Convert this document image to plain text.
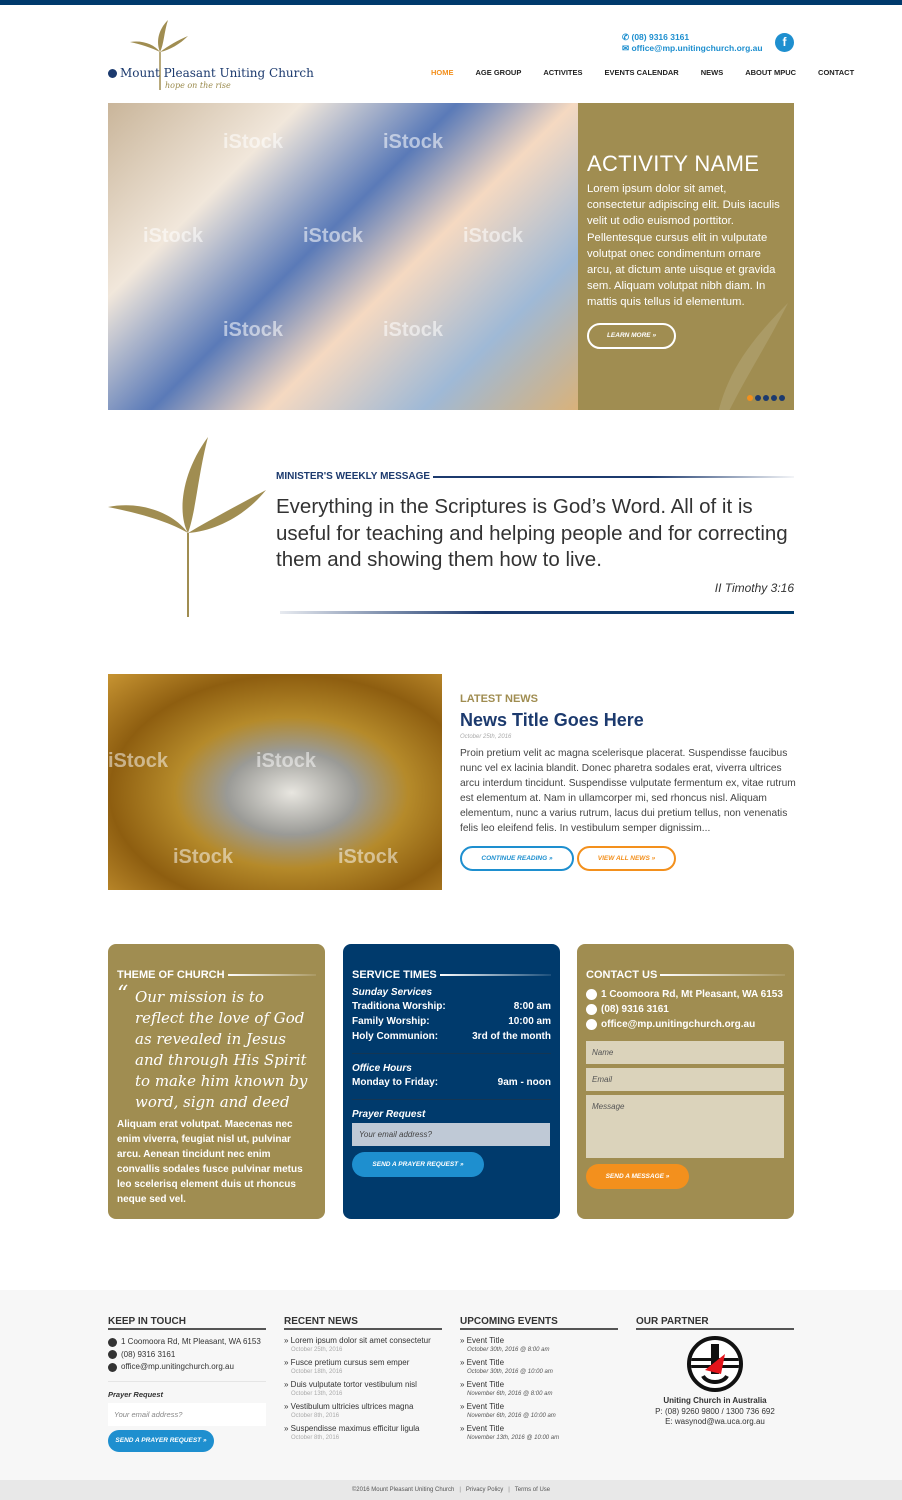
Mount Pleasant Uniting Church
hope on the rise
✆ (08) 9316 3161
✉ office@mp.unitingchurch.org.au	f
HOME	AGE GROUP	ACTIVITES	EVENTS CALENDAR	NEWS	ABOUT MPUC	CONTACT
iStock	iStock
iStock	iStock	iStock
iStock	iStock
ACTIVITY NAME

Lorem ipsum dolor sit amet, consectetur adipiscing elit. Duis iaculis velit ut odio euismod porttitor. Pellentesque cursus elit in vulputate volutpat onec condimentum ornare arcu, at dictum ante uisque et gravida sem. Aliquam volutpat nibh diam. In mattis quis tellus id elementum.

LEARN MORE »
MINISTER'S WEEKLY MESSAGE
Everything in the Scriptures is God’s Word. All of it is useful for teaching and helping people and for correcting them and showing them how to live.
II Timothy 3:16
iStock	iStock
iStock	iStock
LATEST NEWS
News Title Goes Here
October 25th, 2016
Proin pretium velit ac magna scelerisque placerat. Suspendisse faucibus nunc vel ex lacinia blandit. Donec pharetra sodales erat, viverra ultrices arcu interdum tincidunt. Suspendisse vulputate fermentum ex, vitae rutrum est elementum at. Nam in ullamcorper mi, sed rhoncus nisl. Aliquam elementum, nunc a varius rutrum, lacus dui pretium tellus, non venenatis felis leo eleifend felis. In vestibulum semper dignissim...
CONTINUE READING »	VIEW ALL NEWS »
THEME OF CHURCH
“ Our mission is to reflect the love of God as revealed in Jesus and through His Spirit to make him known by word, sign and deed
Aliquam erat volutpat. Maecenas nec enim viverra, feugiat nisl ut, pulvinar arcu. Aenean tincidunt nec enim convallis sodales fusce pulvinar metus leo scelerisq element duis ut rhoncus neque sed vel.
SERVICE TIMES
Sunday Services
Traditiona Worship:	8:00 am
Family Worship:	10:00 am
Holy Communion:	3rd of the month
Office Hours
Monday to Friday:	9am - noon
Prayer Request
Your email address?
SEND A PRAYER REQUEST »
CONTACT US
1 Coomoora Rd, Mt Pleasant, WA 6153
(08) 9316 3161
office@mp.unitingchurch.org.au
Name
Email
Message
SEND A MESSAGE »
KEEP IN TOUCH
1 Coomoora Rd, Mt Pleasant, WA 6153
(08) 9316 3161
office@mp.unitingchurch.org.au
Prayer Request
Your email address?
SEND A PRAYER REQUEST »
RECENT NEWS
» Lorem ipsum dolor sit amet consectetur
October 25th, 2016
» Fusce pretium cursus sem emper
October 18th, 2016
» Duis vulputate tortor vestibulum nisl
October 13th, 2016
» Vestibulum ultricies ultrices magna
October 8th, 2016
» Suspendisse maximus efficitur ligula
October 8th, 2016
UPCOMING EVENTS
» Event Title
October 30th, 2016 @ 8:00 am
» Event Title
October 30th, 2016 @ 10:00 am
» Event Title
November 6th, 2016 @ 8:00 am
» Event Title
November 6th, 2016 @ 10:00 am
» Event Title
November 13th, 2016 @ 10:00 am
OUR PARTNER
Uniting Church in Australia
P: (08) 9260 9800 / 1300 736 692
E: wasynod@wa.uca.org.au
©2016 Mount Pleasant Uniting Church | Privacy Policy | Terms of Use
